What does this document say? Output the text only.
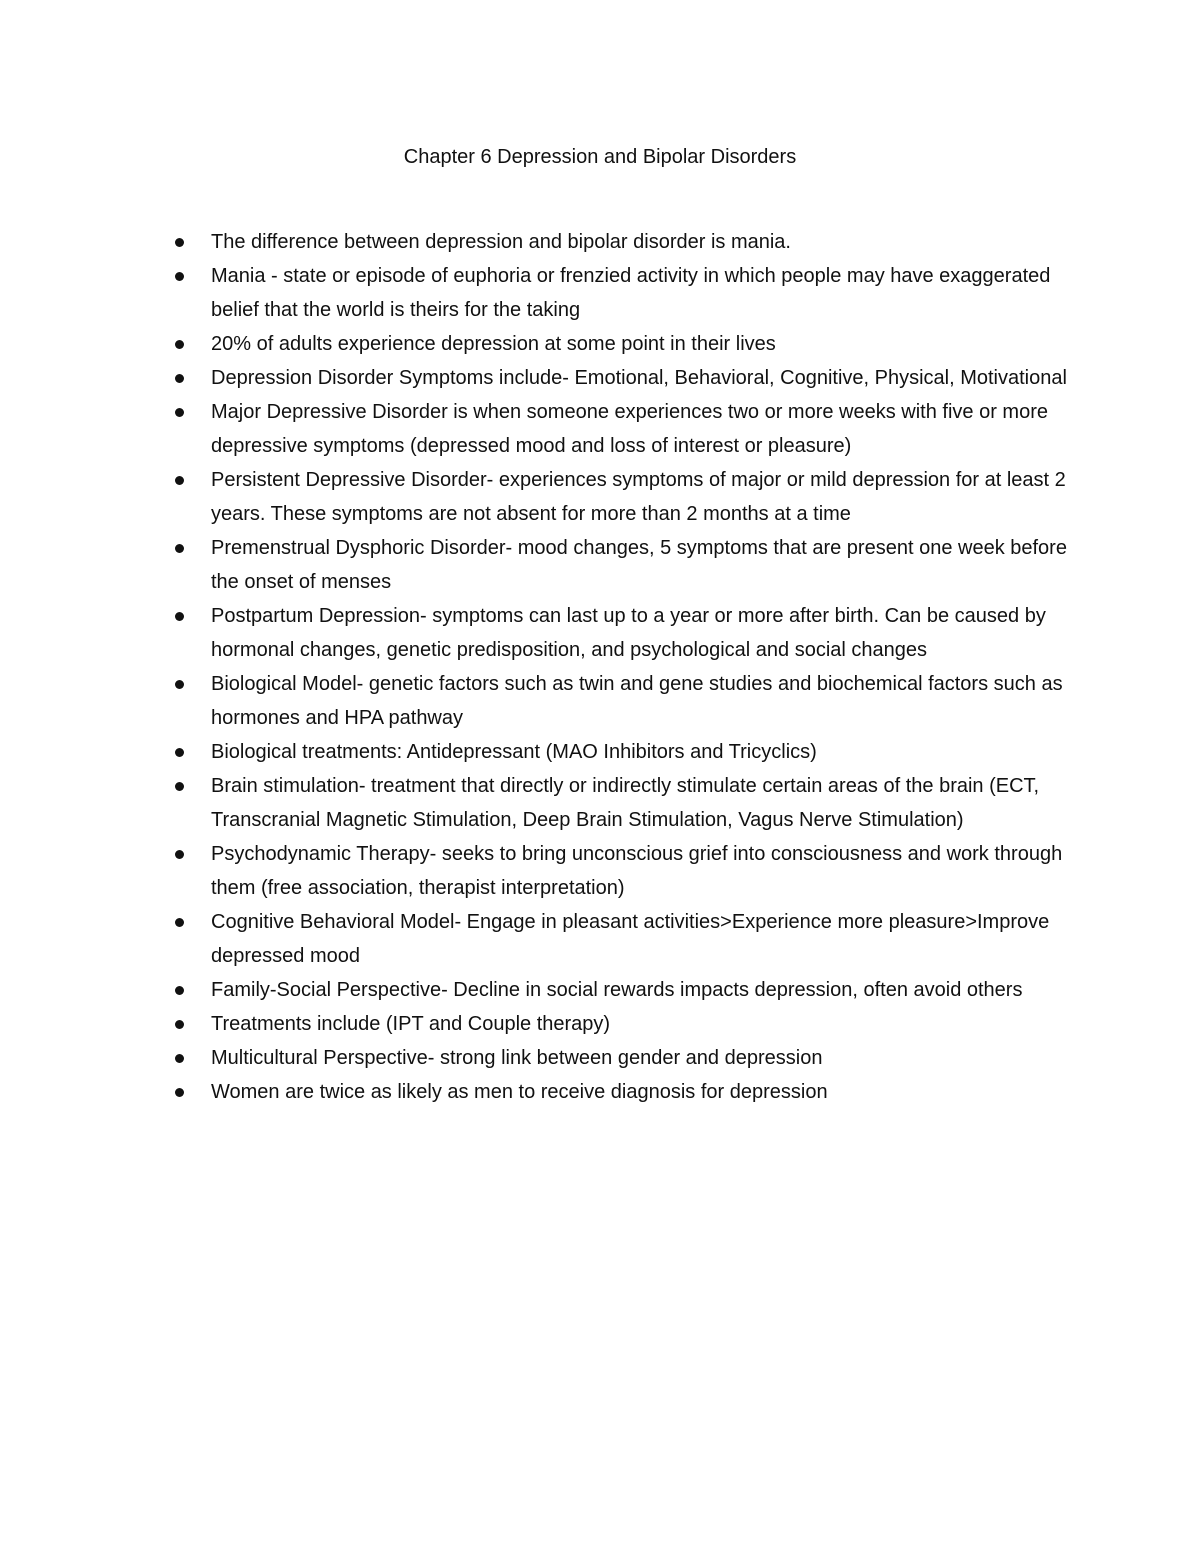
Chapter 6 Depression and Bipolar Disorders
The difference between depression and bipolar disorder is mania.
Mania - state or episode of euphoria or frenzied activity in which people may have exaggerated belief that the world is theirs for the taking
20% of adults experience depression at some point in their lives
Depression Disorder Symptoms include- Emotional, Behavioral, Cognitive, Physical, Motivational
Major Depressive Disorder is when someone experiences two or more weeks with five or more depressive symptoms (depressed mood and loss of interest or pleasure)
Persistent Depressive Disorder- experiences symptoms of major or mild depression for at least 2 years. These symptoms are not absent for more than 2 months at a time
Premenstrual Dysphoric Disorder- mood changes, 5 symptoms that are present one week before the onset of menses
Postpartum Depression- symptoms can last up to a year or more after birth. Can be caused by hormonal changes, genetic predisposition, and psychological and social changes
Biological Model- genetic factors such as twin and gene studies and biochemical factors such as hormones and HPA pathway
Biological treatments: Antidepressant (MAO Inhibitors and Tricyclics)
Brain stimulation- treatment that directly or indirectly stimulate certain areas of the brain (ECT, Transcranial Magnetic Stimulation, Deep Brain Stimulation, Vagus Nerve Stimulation)
Psychodynamic Therapy- seeks to bring unconscious grief into consciousness and work through them (free association, therapist interpretation)
Cognitive Behavioral Model- Engage in pleasant activities>Experience more pleasure>Improve depressed mood
Family-Social Perspective- Decline in social rewards impacts depression, often avoid others
Treatments include (IPT and Couple therapy)
Multicultural Perspective- strong link between gender and depression
Women are twice as likely as men to receive diagnosis for depression
